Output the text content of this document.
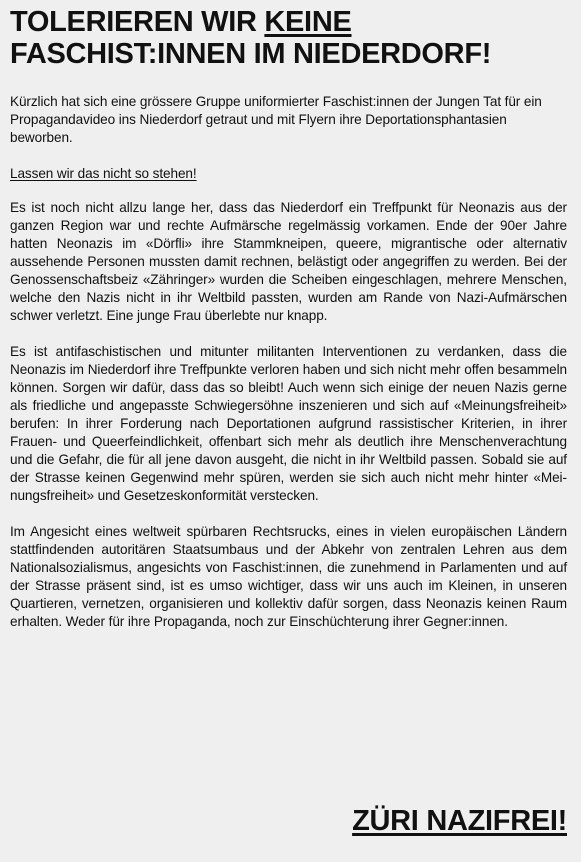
TOLERIEREN WIR KEINE
FASCHIST:INNEN IM NIEDERDORF!

Kürzlich hat sich eine grössere Gruppe uniformierter Faschist:innen der Jungen Tat für ein Propagandavideo ins Niederdorf getraut und mit Flyern ihre Deportationsphantasien beworben.

Lassen wir das nicht so stehen!

Es ist noch nicht allzu lange her, dass das Niederdorf ein Treffpunkt für Neonazis aus der ganzen Region war und rechte Aufmärsche regelmässig vorkamen. Ende der 90er Jahre hatten Neonazis im «Dörfli» ihre Stammkneipen, queere, migrantische oder alternativ aussehende Personen mussten damit rechnen, belästigt oder angegriffen zu werden. Bei der Genossenschaftsbeiz «Zähringer» wurden die Scheiben eingeschlagen, mehrere Menschen, welche den Nazis nicht in ihr Weltbild passten, wurden am Rande von Nazi-Aufmärschen schwer verletzt. Eine junge Frau überlebte nur knapp.

Es ist antifaschistischen und mitunter militanten Interventionen zu verdanken, dass die Neonazis im Niederdorf ihre Treffpunkte verloren haben und sich nicht mehr offen besammeln können. Sorgen wir dafür, dass das so bleibt! Auch wenn sich einige der neuen Nazis gerne als friedliche und angepasste Schwiegersöhne inszenieren und sich auf «Meinungsfreiheit» berufen: In ihrer Forderung nach Deportationen aufgrund rassistischer Kriterien, in ihrer Frauen- und Queerfeindlichkeit, offenbart sich mehr als deutlich ihre Menschenverachtung und die Gefahr, die für all jene davon ausgeht, die nicht in ihr Weltbild passen. Sobald sie auf der Strasse keinen Gegenwind mehr spüren, werden sie sich auch nicht mehr hinter «Meinungsfreiheit» und Gesetzeskonformität verstecken.

Im Angesicht eines weltweit spürbaren Rechtsrucks, eines in vielen europäischen Ländern stattfindenden autoritären Staatsumbaus und der Abkehr von zentralen Lehren aus dem Nationalsozialismus, angesichts von Faschist:innen, die zunehmend in Parlamenten und auf der Strasse präsent sind, ist es umso wichtiger, dass wir uns auch im Kleinen, in unseren Quartieren, vernetzen, organisieren und kollektiv dafür sorgen, dass Neonazis keinen Raum erhalten. Weder für ihre Propaganda, noch zur Einschüchterung ihrer Gegner:innen.

ZÜRI NAZIFREI!
